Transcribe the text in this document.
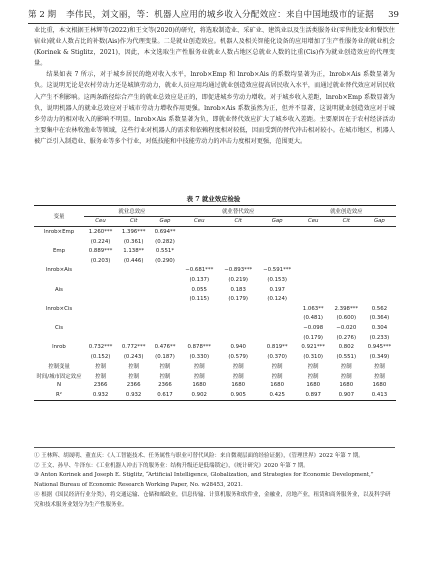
第 2 期 李伟民，刘文丽，等：机器人应用的城乡收入分配效应：来自中国地级市的证据	39

业比重，本文根据王林辉等(2022)和王文等(2020)的研究，将选取制造业、采矿业、建筑业以及生活类服务业(零售批发业和餐饮住宿业)就业人数占比的补数(Ais)作为代理变量。二是就业创造效应。机器人及相关智能化设备的应用增加了生产性服务业的就业机会(Korinek & Stiglitz，2021)，因此，本文选取生产性服务业就业人数占地区总就业人数的比重(Cis)作为就业创造效应的代理变量。

结果如表 7 所示，对于城乡居民的绝对收入水平，lnrob×Emp 和 lnrob×Ais 的系数均显著为正，lnrob×Ais 系数显著为负。这说明无论是农村劳动力还是城镇劳动力，就业人员应用均通过就业创造效应提高居民收入水平，而通过就业替代效应对居民收入产生不利影响。这两条路径综合产生的就业总效应是正的，即促进城乡劳动力增收。对于城乡收入差距，lnrob×Emp 系数显著为负，说明机器人的就业总效应对于城市劳动力增收作用更强。lnrob×Ais 系数虽然为正，但并不显著，这说明就业创造效应对于城乡劳动力的相对收入的影响不明显。lnrob×Ais 系数显著为负，即就业替代效应扩大了城乡收入差距。主要原因在于农村经济活动主要集中在农林牧渔业等领域，这些行业对机器人的需求和依赖程度相对较低，因而受到的替代冲击相对较小。在城市地区，机器人被广泛引入制造业、服务业等多个行业，对低技能和中技能劳动力的冲击力度相对更强，范围更大。

表 7 就业效应检验
变量	就业总效应			就业替代效应			就业创造效应		
	Ceu	Cit	Gap	Ceu	Cit	Gap	Ceu	Cit	Gap
lnrob×Emp	1.260***	1.396***	0.694**						
	(0.224)	(0.361)	(0.282)						
Emp	0.889***	1.138**	0.551*						
	(0.203)	(0.446)	(0.290)						
lnrob×Ais				−0.681***	−0.893***	−0.591***			
				(0.137)	(0.219)	(0.153)			
Ais				0.055	0.183	0.197			
				(0.115)	(0.179)	(0.124)			
lnrob×Cis							1.063**	2.398***	0.562
							(0.481)	(0.600)	(0.364)
Cis							−0.098	−0.020	0.304
							(0.179)	(0.276)	(0.233)
lnrob	0.732***	0.772***	0.476**	0.878***	0.940	0.819**	0.921***	0.802	0.945***
	(0.152)	(0.243)	(0.187)	(0.330)	(0.579)	(0.370)	(0.310)	(0.551)	(0.349)
控制变量	控制	控制	控制	控制	控制	控制	控制	控制	控制
时间/城市固定效应	控制	控制	控制	控制	控制	控制	控制	控制	控制
N	2366	2366	2366	1680	1680	1680	1680	1680	1680
R²	0.932	0.932	0.617	0.902	0.905	0.425	0.897	0.907	0.413
① 王林辉、胡晟明、董直庆：《人工智能技术、任务属性与职业可替代风险：来自微观层面的经验证据》，《管理世界》2022 年第 7 期。
② 王文、孙早、牛泽东：《工业机器人冲击下的服务业：结构升级还是低端锁定》，《统计研究》2020 年第 7 期。
③ Anton Korinek and Joseph E. Stiglitz, “Artificial Intelligence, Globalization, and Strategies for Economic Development,” National Bureau of Economic Research Working Paper, No. w28453, 2021.
④ 根据《国民经济行业分类》，将交通运输、仓储和邮政业，信息传输、计算机服务和软件业，金融业，房地产业，租赁和商务服务业，以及科学研究和技术服务业划分为生产性服务业。
